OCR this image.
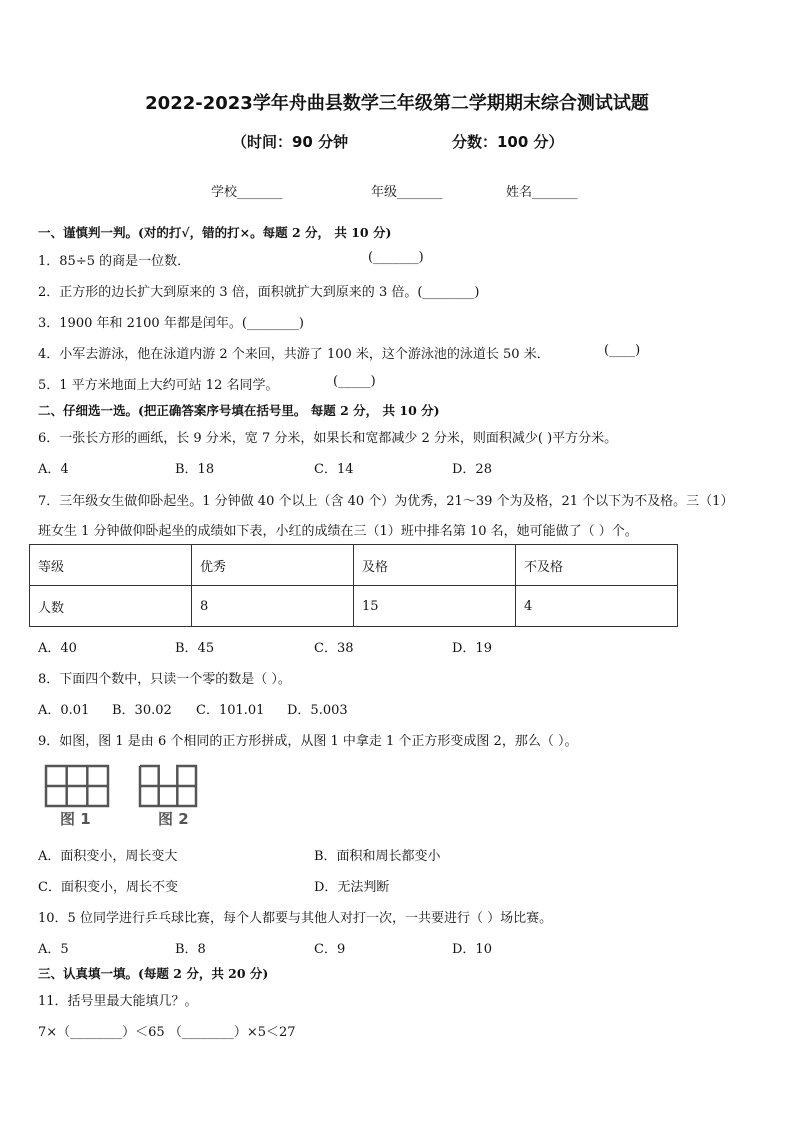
2022-2023学年舟曲县数学三年级第二学期期末综合测试试题
（时间：90 分钟	分数：100 分）
学校_______	年级_______	姓名_______
一、谨慎判一判。(对的打√，错的打×。每题 2 分， 共 10 分)
1．85÷5 的商是一位数．	(_______)
2．正方形的边长扩大到原来的 3 倍，面积就扩大到原来的 3 倍。(________)
3．1900 年和 2100 年都是闰年。(________)
4．小军去游泳，他在泳道内游 2 个来回，共游了 100 米，这个游泳池的泳道长 50 米．	(____)
5．1 平方米地面上大约可站 12 名同学。	(_____)
二、仔细选一选。(把正确答案序号填在括号里。 每题 2 分， 共 10 分)
6．一张长方形的画纸，长 9 分米，宽 7 分米，如果长和宽都减少 2 分米，则面积减少( )平方分米。
A．4	B．18	C．14	D．28
7．三年级女生做仰卧起坐。1 分钟做 40 个以上（含 40 个）为优秀，21～39 个为及格，21 个以下为不及格。三（1）
班女生 1 分钟做仰卧起坐的成绩如下表，小红的成绩在三（1）班中排名第 10 名，她可能做了（ ）个。
等级	优秀	及格	不及格
人数	8	15	4
A．40	B．45	C．38	D．19
8．下面四个数中，只读一个零的数是（ ）。
A．0.01 B．30.02 C．101.01 D．5.003
9．如图，图 1 是由 6 个相同的正方形拼成，从图 1 中拿走 1 个正方形变成图 2，那么（ ）。
图 1	图 2
A．面积变小，周长变大	B．面积和周长都变小
C．面积变小，周长不变	D．无法判断
10．5 位同学进行乒乓球比赛，每个人都要与其他人对打一次，一共要进行（ ）场比赛。
A．5	B．8	C．9	D．10
三、认真填一填。(每题 2 分，共 20 分)
11．括号里最大能填几？。
7×（________）＜65 （________）×5＜27
